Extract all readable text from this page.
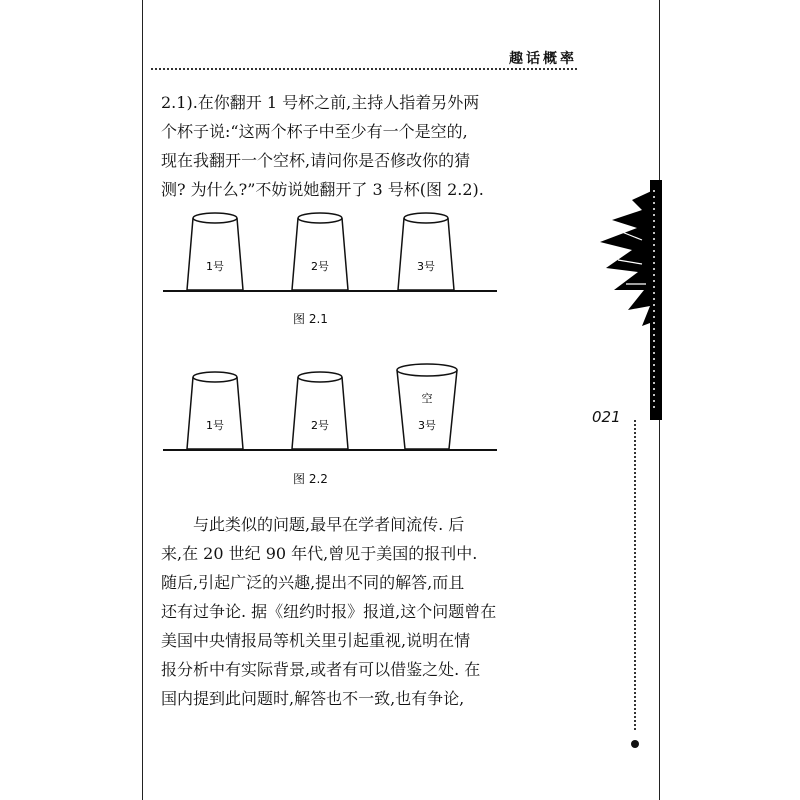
趣话概率

2.1).在你翻开 1 号杯之前,主持人指着另外两

个杯子说:“这两个杯子中至少有一个是空的,

现在我翻开一个空杯,请问你是否修改你的猜

测? 为什么?”不妨说她翻开了 3 号杯(图 2.2).

1号	2号	3号
图 2.1
1号	2号
空
3号
图 2.2

　　与此类似的问题,最早在学者间流传. 后

来,在 20 世纪 90 年代,曾见于美国的报刊中.

随后,引起广泛的兴趣,提出不同的解答,而且

还有过争论. 据《纽约时报》报道,这个问题曾在

美国中央情报局等机关里引起重视,说明在情

报分析中有实际背景,或者有可以借鉴之处. 在

国内提到此问题时,解答也不一致,也有争论,

021
